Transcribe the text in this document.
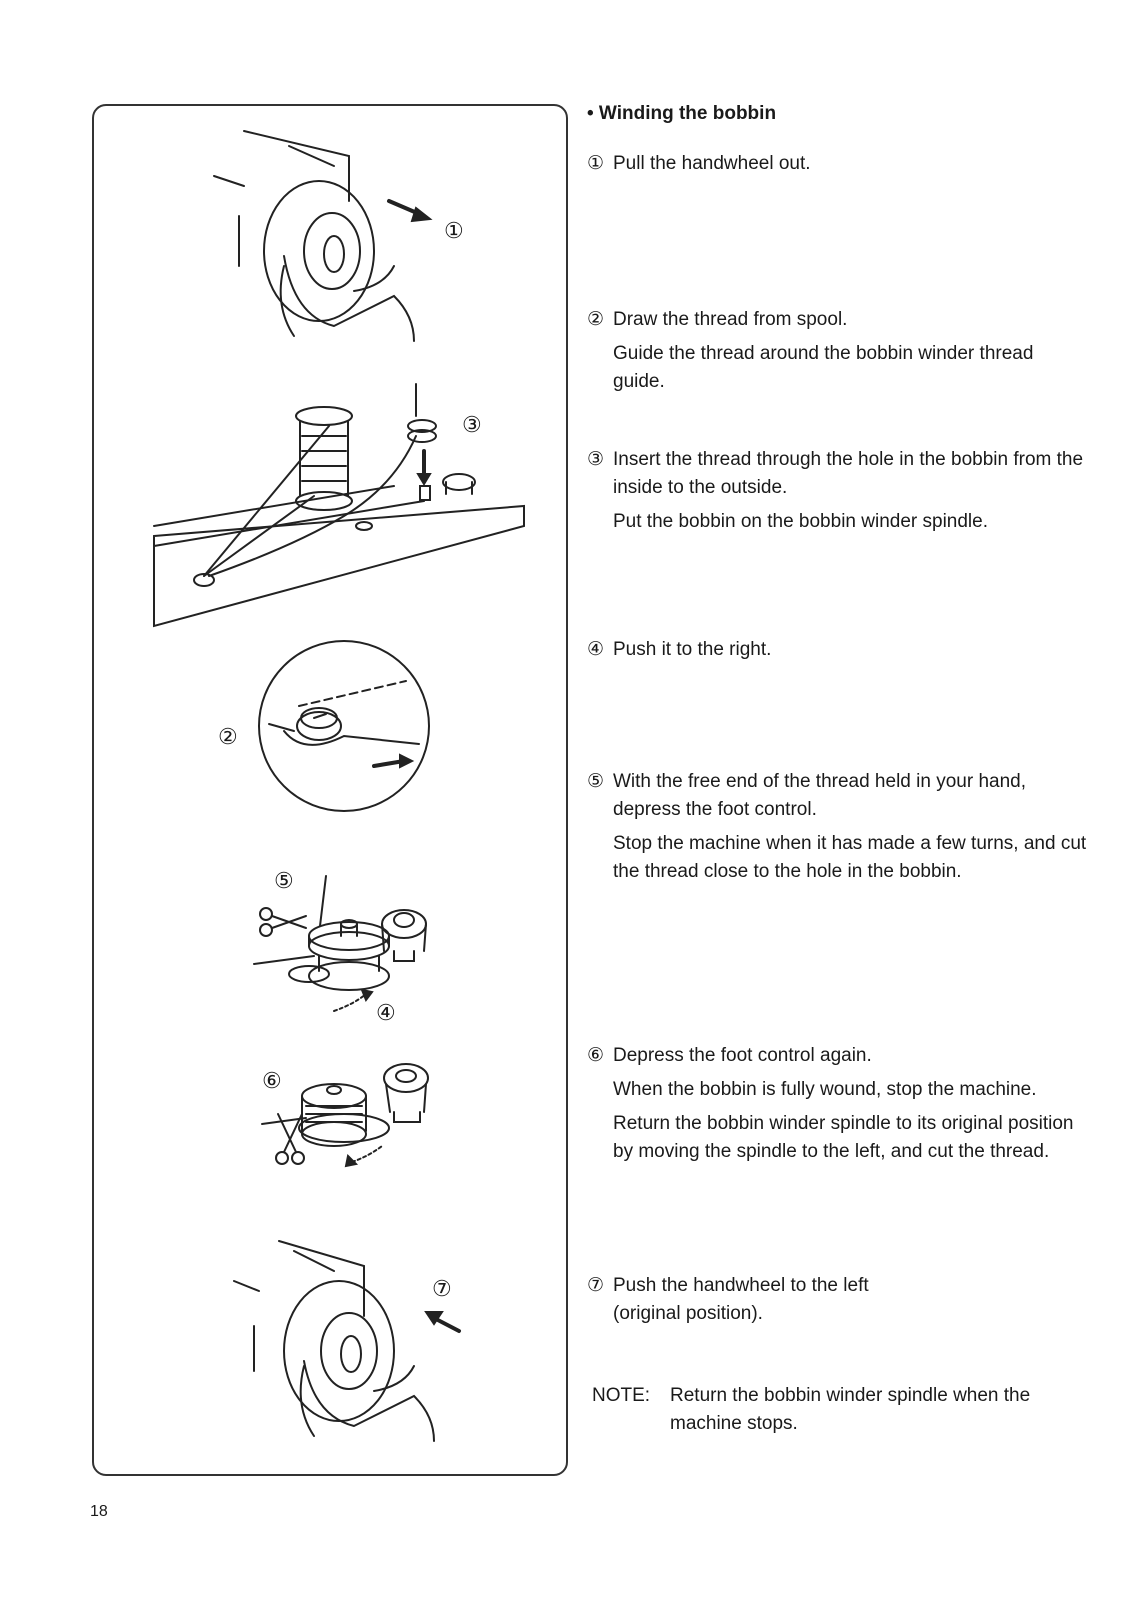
①
③
②
⑤
④
⑥
⑦
• Winding the bobbin
① Pull the handwheel out.

② Draw the thread from spool.

Guide the thread around the bobbin winder thread guide.

③ Insert the thread through the hole in the bobbin from the inside to the outside.

Put the bobbin on the bobbin winder spindle.

④ Push it to the right.

⑤ With the free end of the thread held in your hand, depress the foot control.

Stop the machine when it has made a few turns, and cut the thread close to the hole in the bobbin.

⑥ Depress the foot control again.

When the bobbin is fully wound, stop the machine.

Return the bobbin winder spindle to its original position by moving the spindle to the left, and cut the thread.

⑦ Push the handwheel to the left (original position).

NOTE:	Return the bobbin winder spindle when the machine stops.
18
